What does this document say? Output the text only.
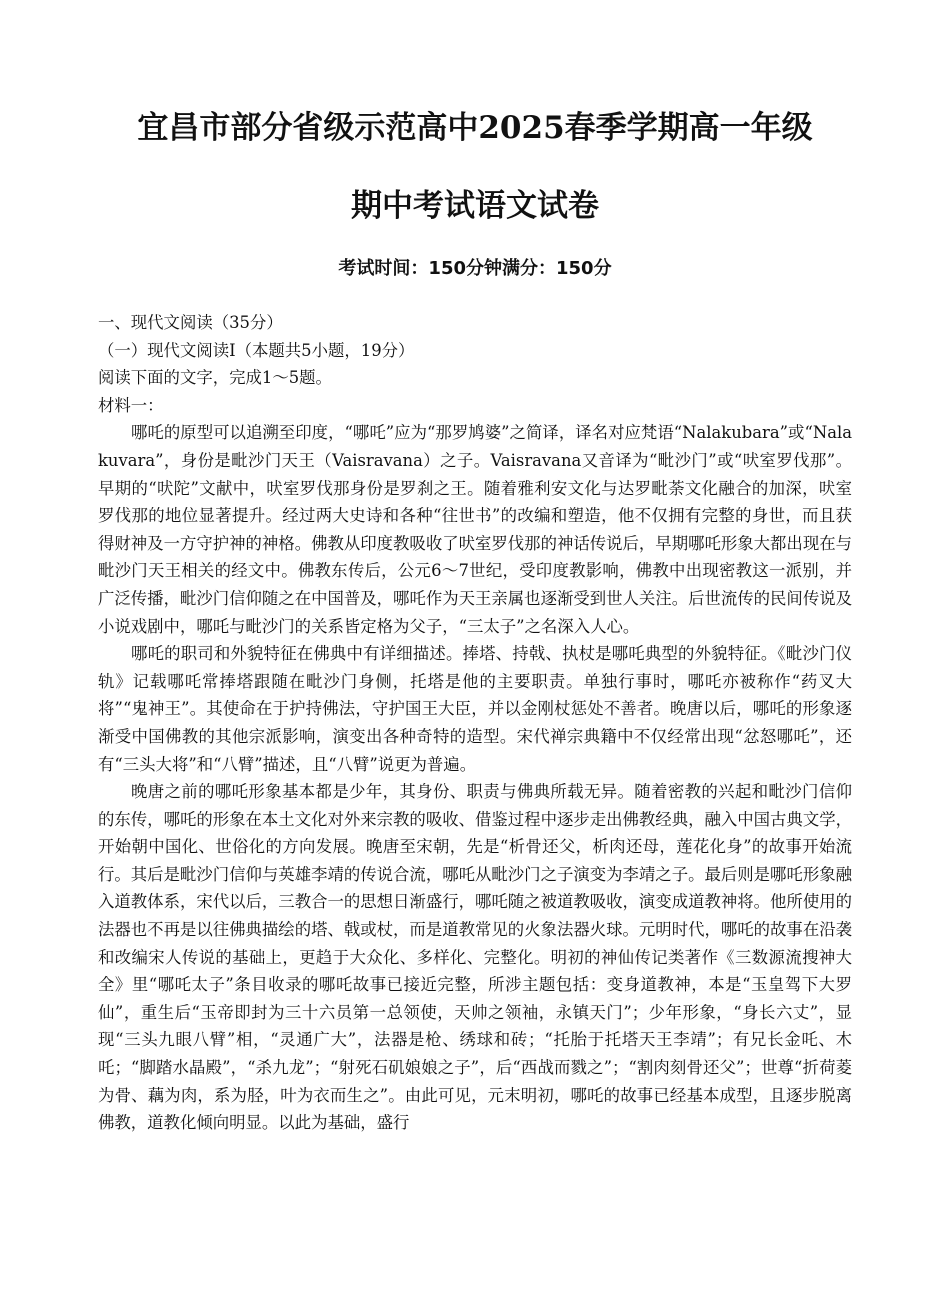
宜昌市部分省级示范高中2025春季学期高一年级
期中考试语文试卷
考试时间：150分钟满分：150分
一、现代文阅读（35分）
（一）现代文阅读Ⅰ（本题共5小题，19分）
阅读下面的文字，完成1～5题。
材料一：
哪吒的原型可以追溯至印度，“哪吒”应为“那罗鸠婆”之简译，译名对应梵语“Nalakubara”或“Nalakuvara”，身份是毗沙门天王（Vaisravana）之子。Vaisravana又音译为“毗沙门”或“吠室罗伐那”。早期的“吠陀”文献中，吠室罗伐那身份是罗刹之王。随着雅利安文化与达罗毗荼文化融合的加深，吠室罗伐那的地位显著提升。经过两大史诗和各种“往世书”的改编和塑造，他不仅拥有完整的身世，而且获得财神及一方守护神的神格。佛教从印度教吸收了吠室罗伐那的神话传说后，早期哪吒形象大都出现在与毗沙门天王相关的经文中。佛教东传后，公元6～7世纪，受印度教影响，佛教中出现密教这一派别，并广泛传播，毗沙门信仰随之在中国普及，哪吒作为天王亲属也逐渐受到世人关注。后世流传的民间传说及小说戏剧中，哪吒与毗沙门的关系皆定格为父子，“三太子”之名深入人心。
哪吒的职司和外貌特征在佛典中有详细描述。捧塔、持戟、执杖是哪吒典型的外貌特征。《毗沙门仪轨》记载哪吒常捧塔跟随在毗沙门身侧，托塔是他的主要职责。单独行事时，哪吒亦被称作“药叉大将”“鬼神王”。其使命在于护持佛法，守护国王大臣，并以金刚杖惩处不善者。晚唐以后，哪吒的形象逐渐受中国佛教的其他宗派影响，演变出各种奇特的造型。宋代禅宗典籍中不仅经常出现“忿怒哪吒”，还有“三头大将”和“八臂”描述，且“八臂”说更为普遍。
晚唐之前的哪吒形象基本都是少年，其身份、职责与佛典所载无异。随着密教的兴起和毗沙门信仰的东传，哪吒的形象在本土文化对外来宗教的吸收、借鉴过程中逐步走出佛教经典，融入中国古典文学，开始朝中国化、世俗化的方向发展。晚唐至宋朝，先是“析骨还父，析肉还母，莲花化身”的故事开始流行。其后是毗沙门信仰与英雄李靖的传说合流，哪吒从毗沙门之子演变为李靖之子。最后则是哪吒形象融入道教体系，宋代以后，三教合一的思想日渐盛行，哪吒随之被道教吸收，演变成道教神将。他所使用的法器也不再是以往佛典描绘的塔、戟或杖，而是道教常见的火象法器火球。元明时代，哪吒的故事在沿袭和改编宋人传说的基础上，更趋于大众化、多样化、完整化。明初的神仙传记类著作《三数源流搜神大全》里“哪吒太子”条目收录的哪吒故事已接近完整，所涉主题包括：变身道教神，本是“玉皇驾下大罗仙”，重生后“玉帝即封为三十六员第一总领使，天帅之领袖，永镇天门”；少年形象，“身长六丈”，显现“三头九眼八臂”相，“灵通广大”，法器是枪、绣球和砖；“托胎于托塔天王李靖”；有兄长金吒、木吒；“脚踏水晶殿”，“杀九龙”；“射死石矶娘娘之子”，后“西战而戮之”；“割肉刻骨还父”；世尊“折荷菱为骨、藕为肉，系为胫，叶为衣而生之”。由此可见，元末明初，哪吒的故事已经基本成型，且逐步脱离佛教，道教化倾向明显。以此为基础，盛行
